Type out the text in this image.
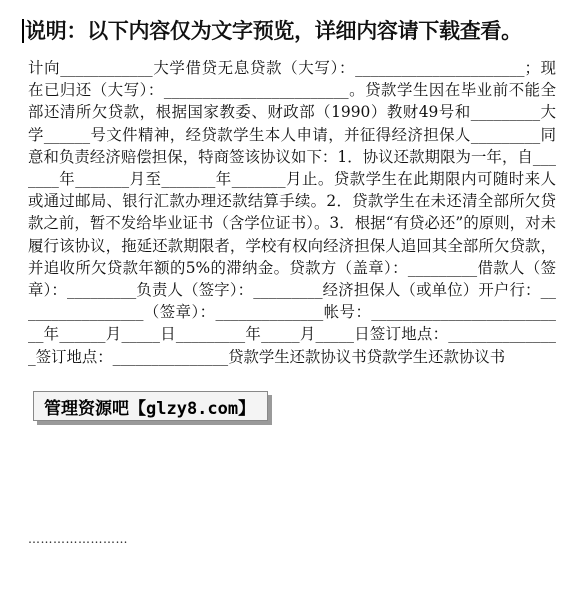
说明：以下内容仅为文字预览，详细内容请下载查看。

计向____________大学借贷无息贷款（大写）：______________________；现在已归还（大写）：________________________。贷款学生因在毕业前不能全部还清所欠贷款，根据国家教委、财政部（1990）教财49号和_________大学______号文件精神，经贷款学生本人申请，并征得经济担保人_________同意和负责经济赔偿担保，特商签该协议如下：1．协议还款期限为一年，自_______年_______月至_______年_______月止。贷款学生在此期限内可随时来人或通过邮局、银行汇款办理还款结算手续。2．贷款学生在未还清全部所欠贷款之前，暂不发给毕业证书（含学位证书）。3．根据“有贷必还”的原则，对未履行该协议，拖延还款期限者，学校有权向经济担保人追回其全部所欠贷款，并追收所欠贷款年额的5%的滞纳金。贷款方（盖章）：_________借款人（签章）：_________负责人（签字）：_________经济担保人（或单位）开户行：_________________（签章）：______________帐号：__________________________年______月_____日_________年_____月_____日签订地点：_______________签订地点：_______________贷款学生还款协议书贷款学生还款协议书

……………………

管理资源吧【glzy8.com】
